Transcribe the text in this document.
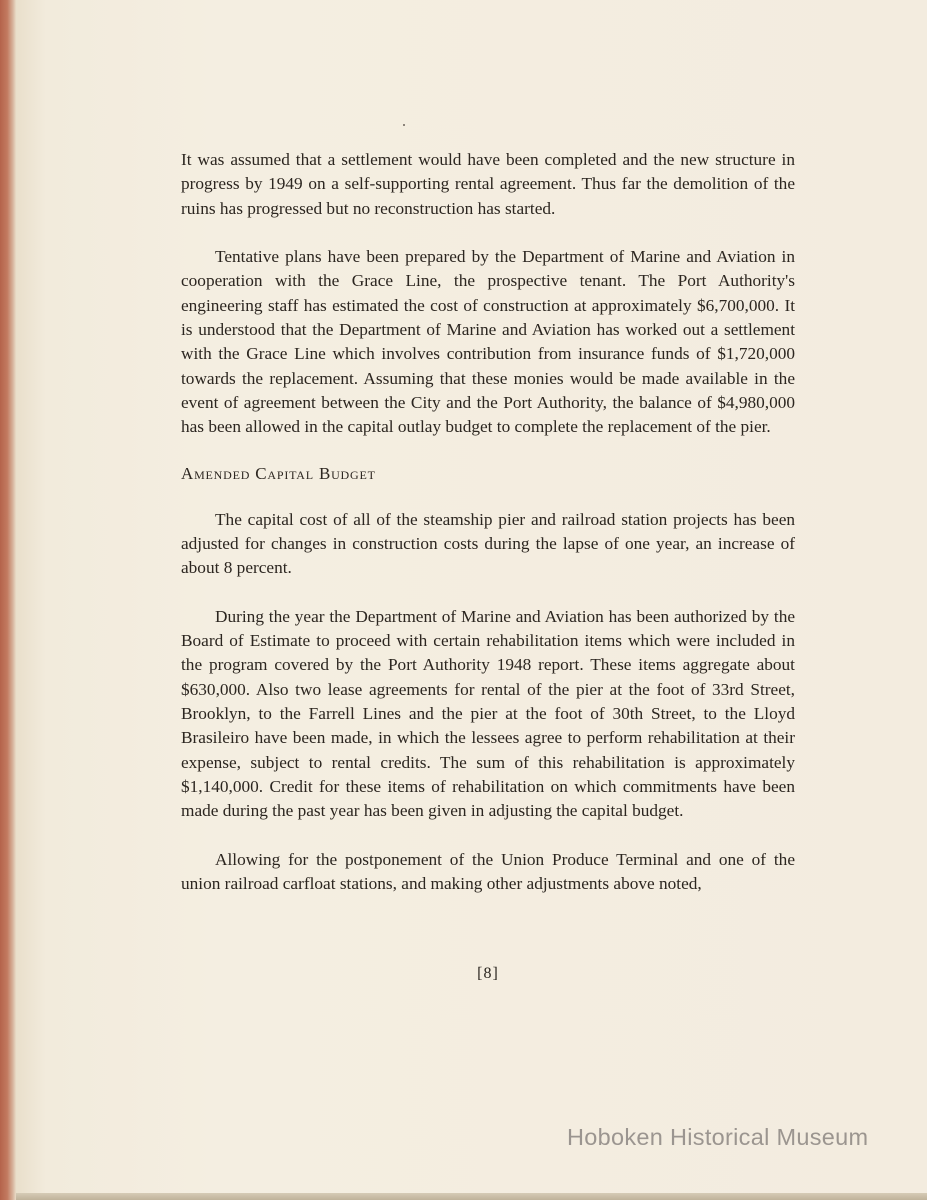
It was assumed that a settlement would have been completed and the new structure in progress by 1949 on a self-supporting rental agreement. Thus far the demolition of the ruins has progressed but no reconstruction has started.

Tentative plans have been prepared by the Department of Marine and Aviation in cooperation with the Grace Line, the prospective tenant. The Port Authority's engineering staff has estimated the cost of construction at approximately $6,700,000. It is understood that the Department of Marine and Aviation has worked out a settlement with the Grace Line which involves contribution from insurance funds of $1,720,000 towards the replacement. Assuming that these monies would be made available in the event of agreement between the City and the Port Authority, the balance of $4,980,000 has been allowed in the capital outlay budget to complete the replacement of the pier.

Amended Capital Budget

The capital cost of all of the steamship pier and railroad station projects has been adjusted for changes in construction costs during the lapse of one year, an increase of about 8 percent.

During the year the Department of Marine and Aviation has been authorized by the Board of Estimate to proceed with certain rehabilitation items which were included in the program covered by the Port Authority 1948 report. These items aggregate about $630,000. Also two lease agreements for rental of the pier at the foot of 33rd Street, Brooklyn, to the Farrell Lines and the pier at the foot of 30th Street, to the Lloyd Brasileiro have been made, in which the lessees agree to perform rehabilitation at their expense, subject to rental credits. The sum of this rehabilitation is approximately $1,140,000. Credit for these items of rehabilitation on which commitments have been made during the past year has been given in adjusting the capital budget.

Allowing for the postponement of the Union Produce Terminal and one of the union railroad carfloat stations, and making other adjustments above noted,

[8]
Hoboken Historical Museum
